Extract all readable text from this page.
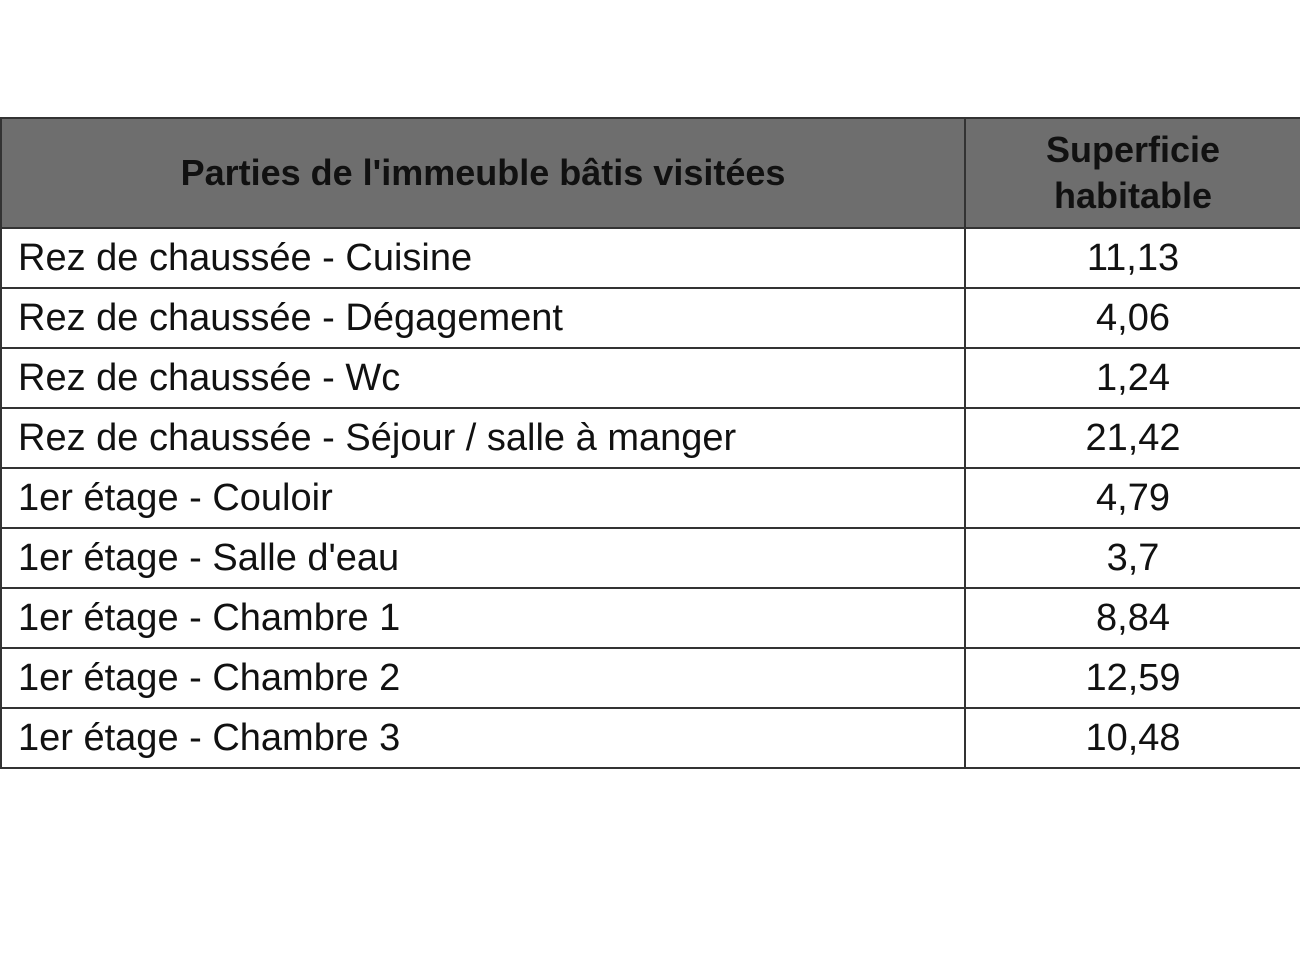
Parties de l'immeuble bâtis visitées	Superficie habitable
Rez de chaussée - Cuisine	11,13
Rez de chaussée - Dégagement	4,06
Rez de chaussée - Wc	1,24
Rez de chaussée - Séjour / salle à manger	21,42
1er étage - Couloir	4,79
1er étage - Salle d'eau	3,7
1er étage - Chambre 1	8,84
1er étage - Chambre 2	12,59
1er étage - Chambre 3	10,48
